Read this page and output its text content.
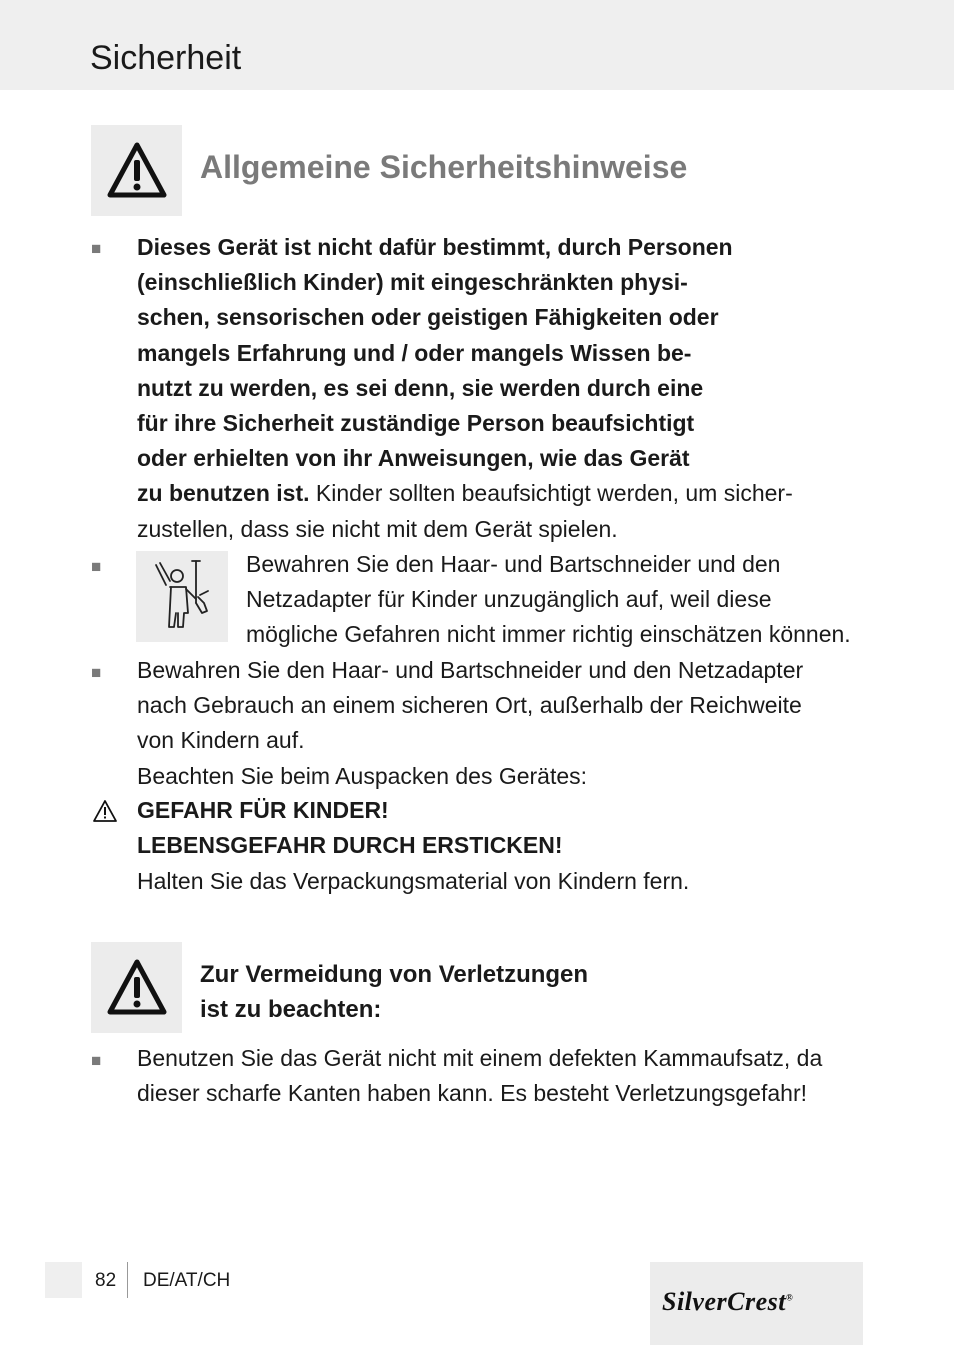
Sicherheit
Allgemeine Sicherheitshinweise
■ Dieses Gerät ist nicht dafür bestimmt, durch Personen
(einschließlich Kinder) mit eingeschränkten physi-
schen, sensorischen oder geistigen Fähigkeiten oder
mangels Erfahrung und / oder mangels Wissen be-
nutzt zu werden, es sei denn, sie werden durch eine
für ihre Sicherheit zuständige Person beaufsichtigt
oder erhielten von ihr Anweisungen, wie das Gerät
zu benutzen ist. Kinder sollten beaufsichtigt werden, um sicher-
zustellen, dass sie nicht mit dem Gerät spielen.

■	Bewahren Sie den Haar- und Bartschneider und den
Netzadapter für Kinder unzugänglich auf, weil diese
mögliche Gefahren nicht immer richtig einschätzen können.

■ Bewahren Sie den Haar- und Bartschneider und den Netzadapter
nach Gebrauch an einem sicheren Ort, außerhalb der Reichweite
von Kindern auf.

Beachten Sie beim Auspacken des Gerätes:

GEFAHR FÜR KINDER!

LEBENSGEFAHR DURCH ERSTICKEN!

Halten Sie das Verpackungsmaterial von Kindern fern.

Zur Vermeidung von Verletzungen
ist zu beachten:

■ Benutzen Sie das Gerät nicht mit einem defekten Kammaufsatz, da
dieser scharfe Kanten haben kann. Es besteht Verletzungsgefahr!

82 DE/AT/CH
SilverCrest®
